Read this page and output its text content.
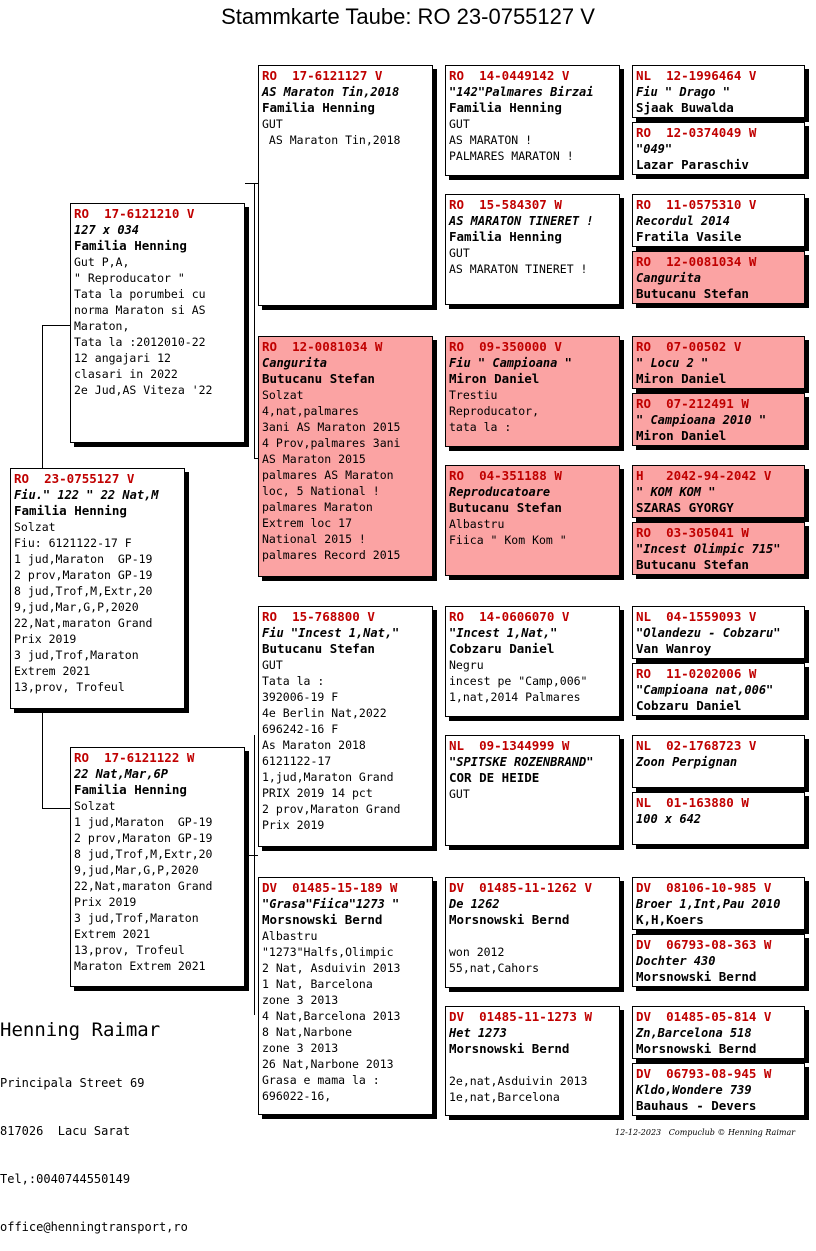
Stammkarte Taube: RO 23-0755127 V
RO  23-0755127 V
Fiu." 122 " 22 Nat,M
Familia Henning
Solzat
Fiu: 6121122-17 F
1 jud,Maraton  GP-19
2 prov,Maraton GP-19
8 jud,Trof,M,Extr,20
9,jud,Mar,G,P,2020
22,Nat,maraton Grand
Prix 2019
3 jud,Trof,Maraton
Extrem 2021
13,prov, Trofeul
RO  17-6121210 V
127 x 034
Familia Henning
Gut P,A,
" Reproducator "
Tata la porumbei cu
norma Maraton si AS
Maraton,
Tata la :2012010-22
12 angajari 12
clasari in 2022
2e Jud,AS Viteza '22
RO  17-6121122 W
22 Nat,Mar,6P
Familia Henning
Solzat
1 jud,Maraton  GP-19
2 prov,Maraton GP-19
8 jud,Trof,M,Extr,20
9,jud,Mar,G,P,2020
22,Nat,maraton Grand
Prix 2019
3 jud,Trof,Maraton
Extrem 2021
13,prov, Trofeul
Maraton Extrem 2021
RO  17-6121127 V
AS Maraton Tin,2018
Familia Henning
GUT
AS Maraton Tin,2018
RO  12-0081034 W
Cangurita
Butucanu Stefan
Solzat
4,nat,palmares
3ani AS Maraton 2015
4 Prov,palmares 3ani
AS Maraton 2015
palmares AS Maraton
loc, 5 National !
palmares Maraton
Extrem loc 17
National 2015 !
palmares Record 2015
RO  15-768800 V
Fiu "Incest 1,Nat,"
Butucanu Stefan
GUT
Tata la :
392006-19 F
4e Berlin Nat,2022
696242-16 F
As Maraton 2018
6121122-17
1,jud,Maraton Grand
PRIX 2019 14 pct
2 prov,Maraton Grand
Prix 2019
DV  01485-15-189 W
"Grasa"Fiica"1273 "
Morsnowski Bernd
Albastru
"1273"Halfs,Olimpic
2 Nat, Asduivin 2013
1 Nat, Barcelona
zone 3 2013
4 Nat,Barcelona 2013
8 Nat,Narbone
zone 3 2013
26 Nat,Narbone 2013
Grasa e mama la :
696022-16,
RO  14-0449142 V
"142"Palmares Birzai
Familia Henning
GUT
AS MARATON !
PALMARES MARATON !
RO  15-584307 W
AS MARATON TINERET !
Familia Henning
GUT
AS MARATON TINERET !
RO  09-350000 V
Fiu " Campioana "
Miron Daniel
Trestiu
Reproducator,
tata la :
RO  04-351188 W
Reproducatoare
Butucanu Stefan
Albastru
Fiica " Kom Kom "
RO  14-0606070 V
"Incest 1,Nat,"
Cobzaru Daniel
Negru
incest pe "Camp,006"
1,nat,2014 Palmares
NL  09-1344999 W
"SPITSKE ROZENBRAND"
COR DE HEIDE
GUT
DV  01485-11-1262 V
De 1262
Morsnowski Bernd

won 2012
55,nat,Cahors
DV  01485-11-1273 W
Het 1273
Morsnowski Bernd

2e,nat,Asduivin 2013
1e,nat,Barcelona
NL  12-1996464 V
Fiu " Drago "
Sjaak Buwalda
RO  12-0374049 W
"049"
Lazar Paraschiv
RO  11-0575310 V
Recordul 2014
Fratila Vasile
RO  12-0081034 W
Cangurita
Butucanu Stefan
RO  07-00502 V
" Locu 2 "
Miron Daniel
RO  07-212491 W
" Campioana 2010 "
Miron Daniel
H   2042-94-2042 V
" KOM KOM "
SZARAS GYORGY
RO  03-305041 W
"Incest Olimpic 715"
Butucanu Stefan
NL  04-1559093 V
"Olandezu - Cobzaru"
Van Wanroy
RO  11-0202006 W
"Campioana nat,006"
Cobzaru Daniel
NL  02-1768723 V
Zoon Perpignan
NL  01-163880 W
100 x 642
DV  08106-10-985 V
Broer 1,Int,Pau 2010
K,H,Koers
DV  06793-08-363 W
Dochter 430
Morsnowski Bernd
DV  01485-05-814 V
Zn,Barcelona 518
Morsnowski Bernd
DV  06793-08-945 W
Kldo,Wondere 739
Bauhaus - Devers
Henning Raimar

Principala Street 69

817026  Lacu Sarat

Tel,:0040744550149

office@henningtransport,ro

12-12-2023   Compuclub © Henning Raimar
